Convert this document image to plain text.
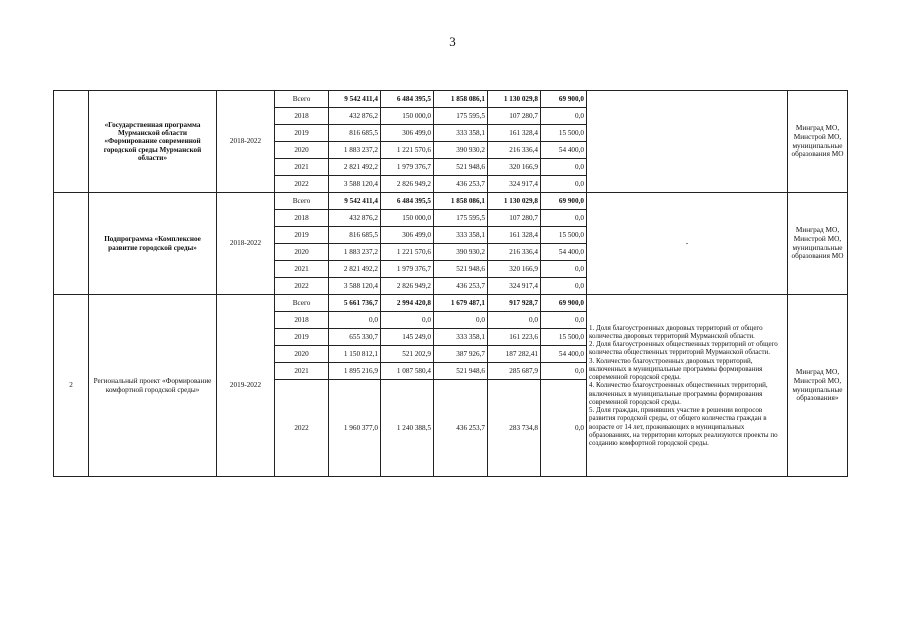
3
	«Государственная программа Мурманской области «Формирование современной городской среды Мурманской области»	2018-2022	Всего	9 542 411,4	6 484 395,5	1 858 086,1	1 130 029,8	69 900,0		Минград МО, Минстрой МО, муниципальные образования МО
			2018	432 876,2	150 000,0	175 595,5	107 280,7	0,0		
			2019	816 685,5	306 499,0	333 358,1	161 328,4	15 500,0		
			2020	1 883 237,2	1 221 570,6	390 930,2	216 336,4	54 400,0		
			2021	2 821 492,2	1 979 376,7	521 948,6	320 166,9	0,0		
			2022	3 588 120,4	2 826 949,2	436 253,7	324 917,4	0,0		
	Подпрограмма «Комплексное развитие городской среды»	2018-2022	Всего	9 542 411,4	6 484 395,5	1 858 086,1	1 130 029,8	69 900,0	-	Минград МО, Минстрой МО, муниципальные образования МО
			2018	432 876,2	150 000,0	175 595,5	107 280,7	0,0		
			2019	816 685,5	306 499,0	333 358,1	161 328,4	15 500,0		
			2020	1 883 237,2	1 221 570,6	390 930,2	216 336,4	54 400,0		
			2021	2 821 492,2	1 979 376,7	521 948,6	320 166,9	0,0		
			2022	3 588 120,4	2 826 949,2	436 253,7	324 917,4	0,0		
2	Региональный проект «Формирование комфортной городской среды»	2019-2022	Всего	5 661 736,7	2 994 420,8	1 679 487,1	917 928,7	69 900,0	1. Доля благоустроенных дворовых территорий от общего количества дворовых территорий Мурманской области.
2. Доля благоустроенных общественных территорий от общего количества общественных территорий Мурманской области.
3. Количество благоустроенных дворовых территорий, включенных в муниципальные программы формирования современной городской среды.
4. Количество благоустроенных общественных территорий, включенных в муниципальные программы формирования современной городской среды.
5. Доля граждан, принявших участие в решении вопросов развития городской среды, от общего количества граждан в возрасте от 14 лет, проживающих в муниципальных образованиях, на территории которых реализуются проекты по созданию комфортной городской среды.	Минград МО, Минстрой МО, муниципальные образования»
			2018	0,0	0,0	0,0	0,0	0,0		
			2019	655 330,7	145 249,0	333 358,1	161 223,6	15 500,0		
			2020	1 150 812,1	521 202,9	387 926,7	187 282,41	54 400,0		
			2021	1 895 216,9	1 087 580,4	521 948,6	285 687,9	0,0		
			2022	1 960 377,0	1 240 388,5	436 253,7	283 734,8	0,0		
